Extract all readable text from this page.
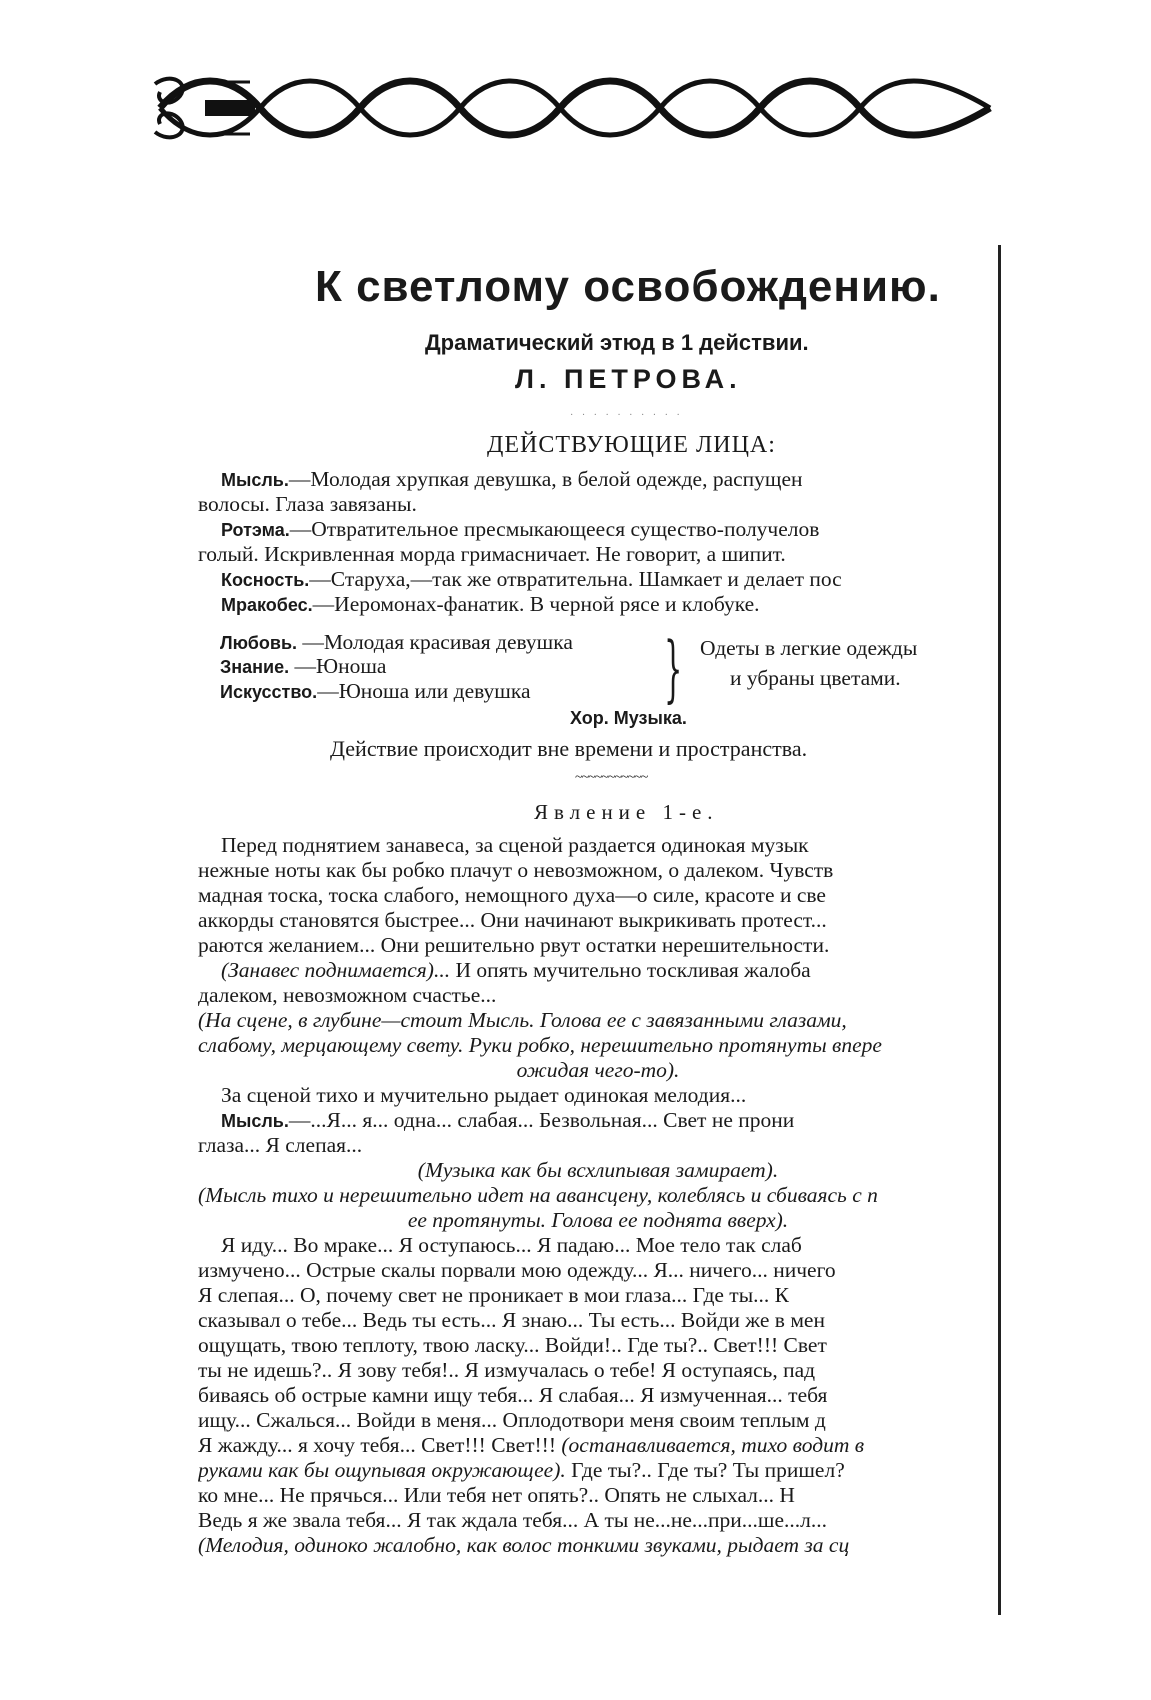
К светлому освобождению.
Драматический этюд в 1 действии.
Л. ПЕТРОВА.
· · · · · · · · · ·
ДЕЙСТВУЮЩИЕ ЛИЦА:
Мысль.—Молодая хрупкая девушка, в белой одежде, распущен
волосы. Глаза завязаны.
Ротэма.—Отвратительное пресмыкающееся существо-получелов
голый. Искривленная морда гримасничает. Не говорит, а шипит.
Косность.—Старуха,—так же отвратительна. Шамкает и делает пос
Мракобес.—Иеромонах-фанатик. В черной рясе и клобуке.
Любовь. —Молодая красивая девушка
Знание. —Юноша
Искусство.—Юноша или девушка } Одеты в легкие одежды
и убраны цветами.
Хор. Музыка.
Действие происходит вне времени и пространства.
~~~~~~~~~~~
Явление 1-е.
Перед поднятием занавеса, за сценой раздается одинокая музык
нежные ноты как бы робко плачут о невозможном, о далеком. Чувств
мадная тоска, тоска слабого, немощного духа—о силе, красоте и све
аккорды становятся быстрее... Они начинают выкрикивать протест...
раются желанием... Они решительно рвут остатки нерешительности.
(Занавес поднимается)... И опять мучительно тоскливая жалоба
далеком, невозможном счастье...
(На сцене, в глубине—стоит Мысль. Голова ее с завязанными глазами,
слабому, мерцающему свету. Руки робко, нерешительно протянуты впере
ожидая чего-то).
За сценой тихо и мучительно рыдает одинокая мелодия...
Мысль.—...Я... я... одна... слабая... Безвольная... Свет не прони
глаза... Я слепая...
(Музыка как бы всхлипывая замирает).
(Мысль тихо и нерешительно идет на авансцену, колеблясь и сбиваясь с п
ее протянуты. Голова ее поднята вверх).
Я иду... Во мраке... Я оступаюсь... Я падаю... Мое тело так слаб
измучено... Острые скалы порвали мою одежду... Я... ничего... ничего
Я слепая... О, почему свет не проникает в мои глаза... Где ты... К
сказывал о тебе... Ведь ты есть... Я знаю... Ты есть... Войди же в мен
ощущать, твою теплоту, твою ласку... Войди!.. Где ты?.. Свет!!! Свет
ты не идешь?.. Я зову тебя!.. Я измучалась о тебе! Я оступаясь, пад
биваясь об острые камни ищу тебя... Я слабая... Я измученная... тебя
ищу... Сжалься... Войди в меня... Оплодотвори меня своим теплым д
Я жажду... я хочу тебя... Свет!!! Свет!!! (останавливается, тихо водит в
руками как бы ощупывая окружающее). Где ты?.. Где ты? Ты пришел?
ко мне... Не прячься... Или тебя нет опять?.. Опять не слыхал... Н
Ведь я же звала тебя... Я так ждала тебя... А ты не...не...при...ше...л...
(Мелодия, одиноко жалобно, как волос тонкими звуками, рыдает за сц
